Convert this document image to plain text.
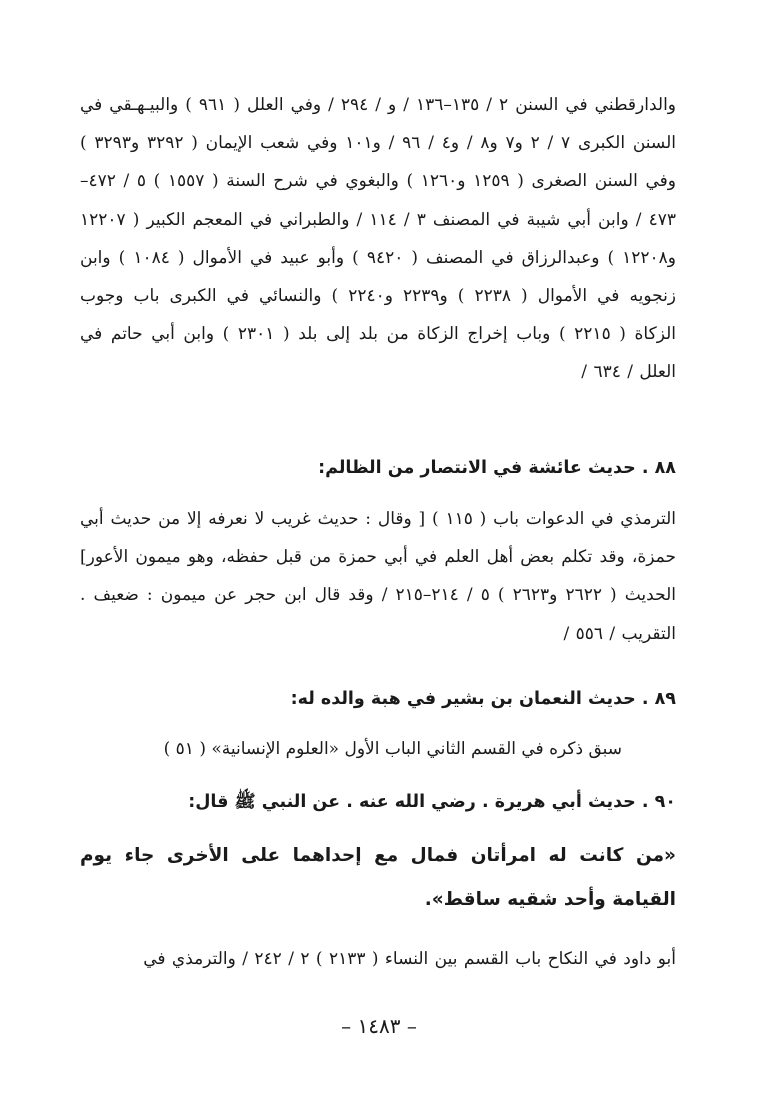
والدارقطني في السنن ٢ / ١٣٥–١٣٦ / و / ٢٩٤ / وفي العلل ( ٩٦١ ) والبيـهـقي في السنن الكبرى ٧ / ٢ و٧ و٨ / و٤ / ٩٦ / و١٠١ وفي شعب الإيمان ( ٣٢٩٢ و٣٢٩٣ ) وفي السنن الصغرى ( ١٢٥٩ و١٢٦٠ ) والبغوي في شرح السنة ( ١٥٥٧ ) ٥ / ٤٧٢– ٤٧٣ / وابن أبي شيبة في المصنف ٣ / ١١٤ / والطبراني في المعجم الكبير ( ١٢٢٠٧ و١٢٢٠٨ ) وعبدالرزاق في المصنف ( ٩٤٢٠ ) وأبو عبيد في الأموال ( ١٠٨٤ ) وابن زنجويه في الأموال ( ٢٢٣٨ ) و٢٢٣٩ و٢٢٤٠ ) والنسائي في الكبرى باب وجوب الزكاة ( ٢٢١٥ ) وباب إخراج الزكاة من بلد إلى بلد ( ٢٣٠١ ) وابن أبي حاتم في العلل / ٦٣٤ /
٨٨ . حديث عائشة في الانتصار من الظالم:
الترمذي في الدعوات باب ( ١١٥ ) [ وقال : حديث غريب لا نعرفه إلا من حديث أبي حمزة، وقد تكلم بعض أهل العلم في أبي حمزة من قبل حفظه، وهو ميمون الأعور] الحديث ( ٢٦٢٢ و٢٦٢٣ ) ٥ / ٢١٤–٢١٥ / وقد قال ابن حجر عن ميمون : ضعيف . التقريب / ٥٥٦ /
٨٩ . حديث النعمان بن بشير في هبة والده له:
سبق ذكره في القسم الثاني الباب الأول «العلوم الإنسانية» ( ٥١ )
٩٠ . حديث أبي هريرة . رضي الله عنه . عن النبي ﷺ قال:
«من كانت له امرأتان فمال مع إحداهما على الأخرى جاء يوم القيامة وأحد شقيه ساقط».
أبو داود في النكاح باب القسم بين النساء ( ٢١٣٣ ) ٢ / ٢٤٢ / والترمذي في
– ١٤٨٣ –
